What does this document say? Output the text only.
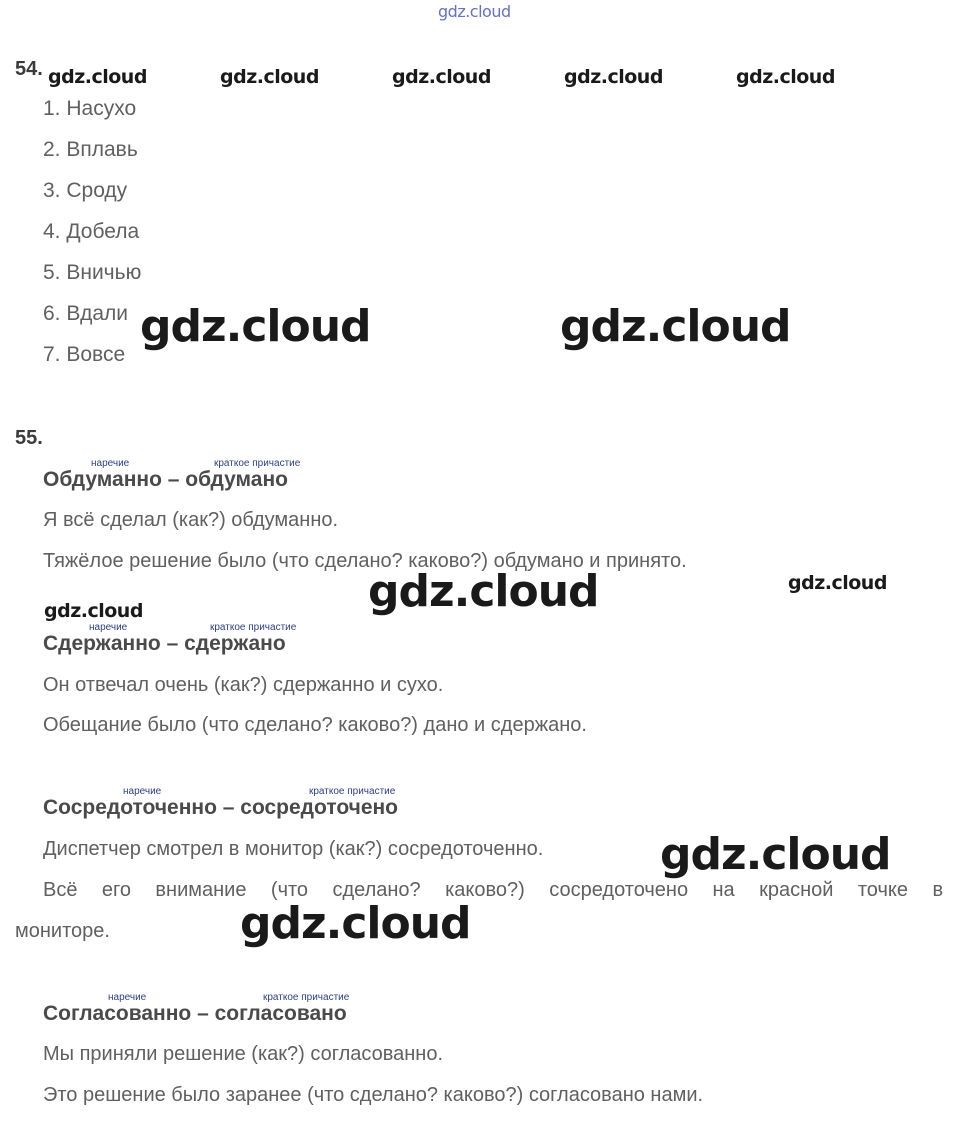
gdz.cloud
54. gdz.cloud	gdz.cloud	gdz.cloud	gdz.cloud	gdz.cloud
1. Насухо
2. Вплавь
3. Сроду
4. Добела
5. Вничью
6. Вдали
7. Вовсе
gdz.cloud	gdz.cloud
55.
наречие	краткое причастие
Обдуманно – обдумано
Я всё сделал (как?) обдуманно.
Тяжёлое решение было (что сделано? каково?) обдумано и принято.
gdz.cloud	gdz.cloud
gdz.cloud
наречие	краткое причастие
Сдержанно – сдержано
Он отвечал очень (как?) сдержанно и сухо.
Обещание было (что сделано? каково?) дано и сдержано.
наречие	краткое причастие
Сосредоточенно – сосредоточено
Диспетчер смотрел в монитор (как?) сосредоточенно.	gdz.cloud
Всё его внимание (что сделано? каково?) сосредоточено на красной точке в
мониторе.	gdz.cloud
наречие	краткое причастие
Согласованно – согласовано
Мы приняли решение (как?) согласованно.
Это решение было заранее (что сделано? каково?) согласовано нами.
